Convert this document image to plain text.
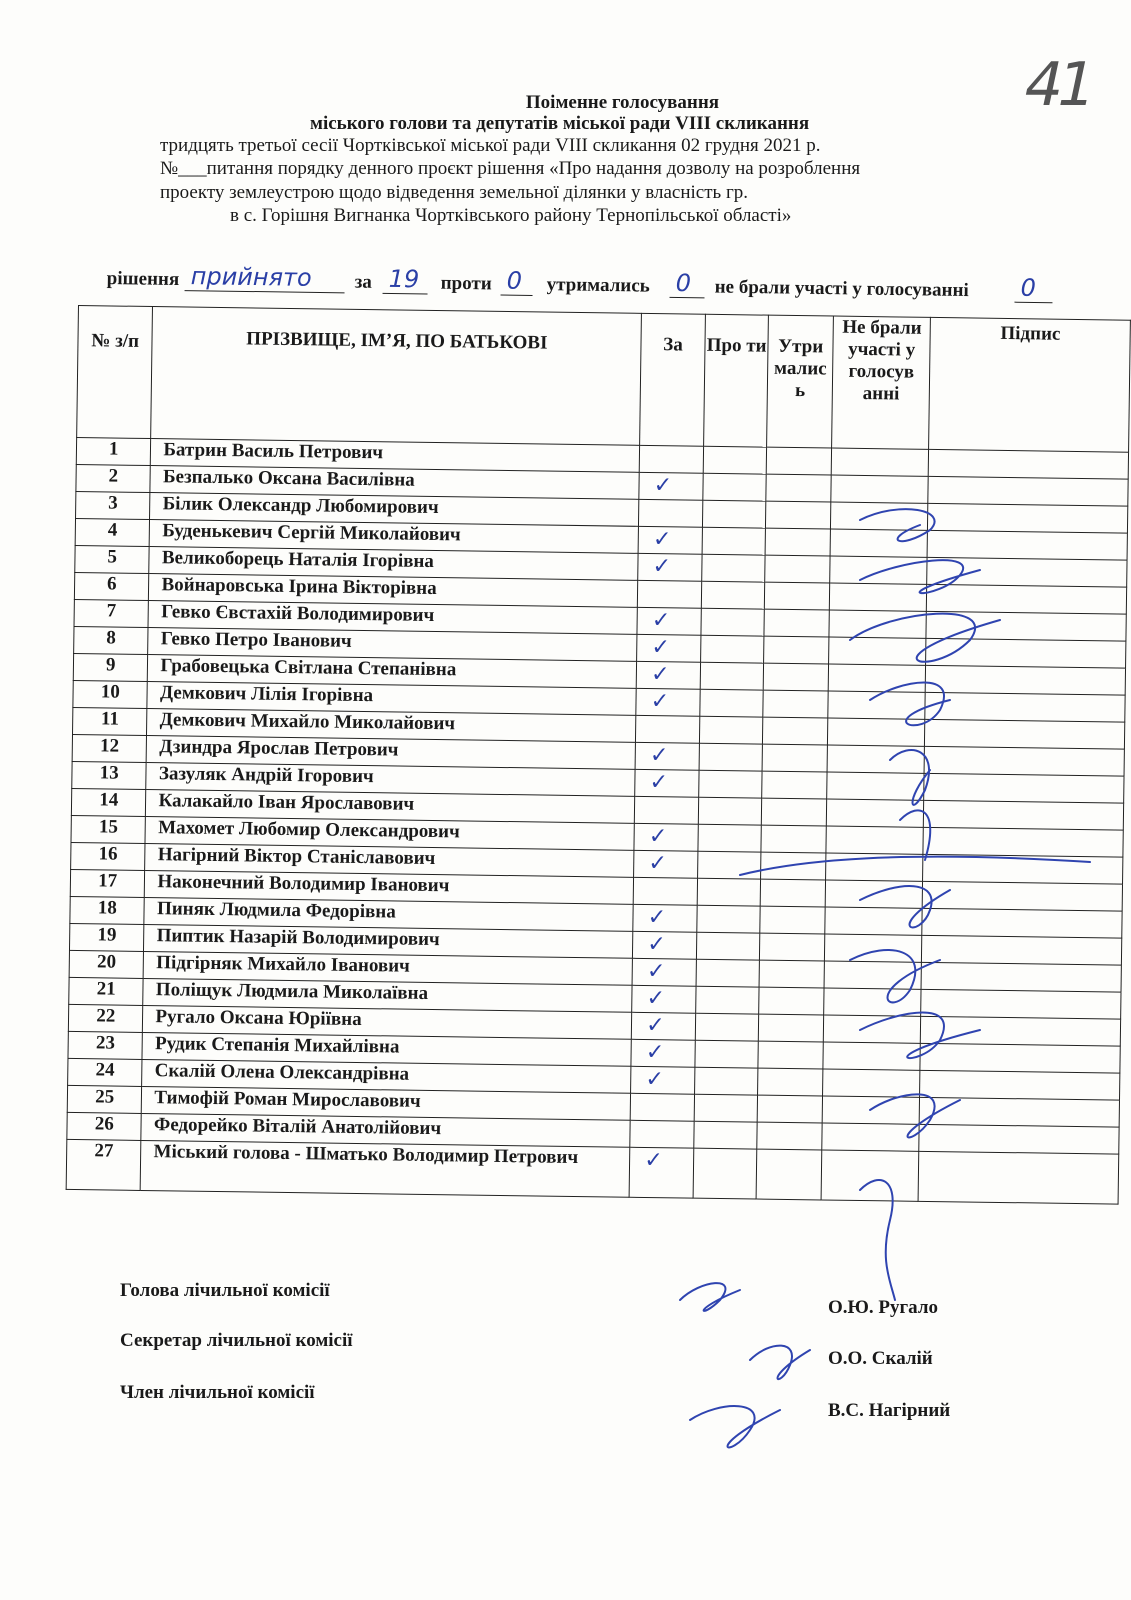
41
Поіменне голосування
міського голови та депутатів міської ради VIII скликання
тридцять третьої сесії Чортківської міської ради VIII скликання 02 грудня 2021 р.
№___питання порядку денного проєкт рішення «Про надання дозволу на розроблення
проекту землеустрою щодо відведення земельної ділянки у власність гр.
в с. Горішня Вигнанка Чортківського району Тернопільської області»
рішення прийнято за 19 проти 0 утримались 0 не брали участі у голосуванні 0
№ з/п	ПРІЗВИЩЕ, ІМ’Я, ПО БАТЬКОВІ	За	Про ти	Утри малис ь	Не брали участі у голосув анні	Підпис
1	Батрин Василь Петрович					
2	Безпалько Оксана Василівна	✓				
3	Білик Олександр Любомирович					
4	Буденькевич Сергій Миколайович	✓				
5	Великоборець Наталія Ігорівна	✓				
6	Войнаровська Ірина Вікторівна					
7	Гевко Євстахій Володимирович	✓				
8	Гевко Петро Іванович	✓				
9	Грабовецька Світлана Степанівна	✓				
10	Демкович Лілія Ігорівна	✓				
11	Демкович Михайло Миколайович					
12	Дзиндра Ярослав Петрович	✓				
13	Зазуляк Андрій Ігорович	✓				
14	Калакайло Іван Ярославович					
15	Махомет Любомир Олександрович	✓				
16	Нагірний Віктор Станіславович	✓				
17	Наконечний Володимир Іванович					
18	Пиняк Людмила Федорівна	✓				
19	Пиптик Назарій Володимирович	✓				
20	Підгірняк Михайло Іванович	✓				
21	Поліщук Людмила Миколаївна	✓				
22	Ругало Оксана Юріївна	✓				
23	Рудик Степанія Михайлівна	✓				
24	Скалій Олена Олександрівна	✓				
25	Тимофій Роман Мирославович					
26	Федорейко Віталій Анатолійович					
27	Міський голова - Шматько Володимир Петрович	✓				
Голова лічильної комісії
О.Ю. Ругало
Секретар лічильної комісії
О.О. Скалій
Член лічильної комісії
В.С. Нагірний
